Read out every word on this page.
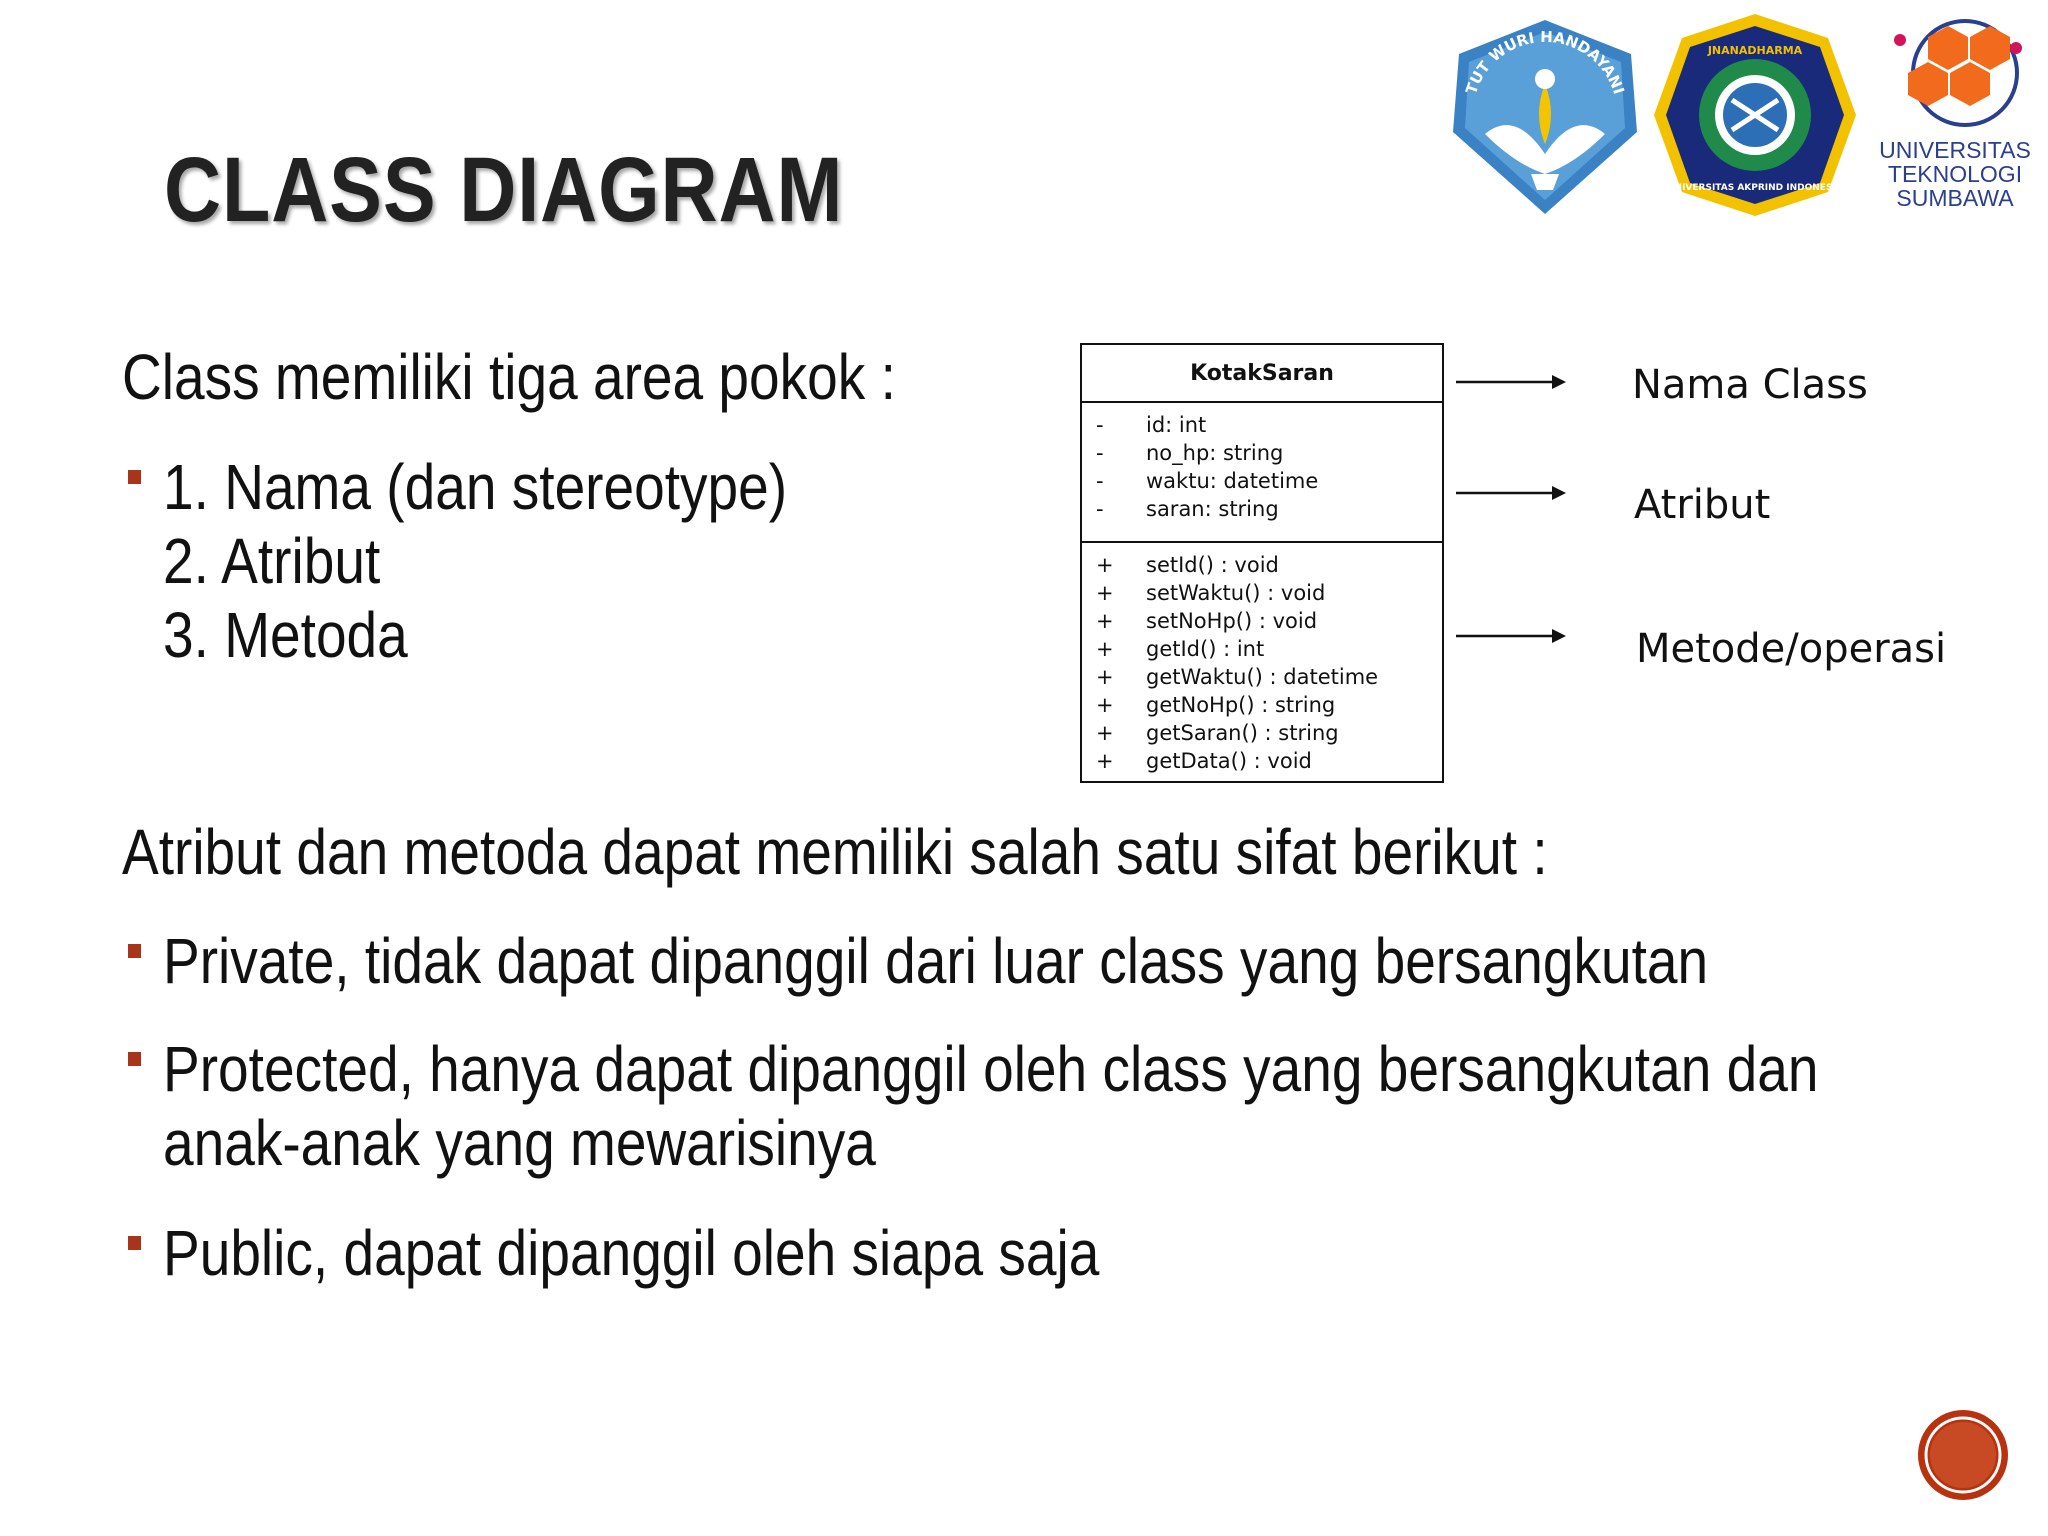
CLASS DIAGRAM
TUT WURI HANDAYANI
JNANADHARMA
UNIVERSITAS AKPRIND INDONESIA
UNIVERSITAS
TEKNOLOGI
SUMBAWA
Class memiliki tiga area pokok :
1. Nama (dan stereotype)
2. Atribut
3. Metoda
KotakSaran
- id: int
- no_hp: string
- waktu: datetime
- saran: string
+ setId() : void
+ setWaktu() : void
+ setNoHp() : void
+ getId() : int
+ getWaktu() : datetime
+ getNoHp() : string
+ getSaran() : string
+ getData() : void
Nama Class
Atribut
Metode/operasi
Atribut dan metoda dapat memiliki salah satu sifat berikut :
Private, tidak dapat dipanggil dari luar class yang bersangkutan
Protected, hanya dapat dipanggil oleh class yang bersangkutan dan
anak-anak yang mewarisinya
Public, dapat dipanggil oleh siapa saja
